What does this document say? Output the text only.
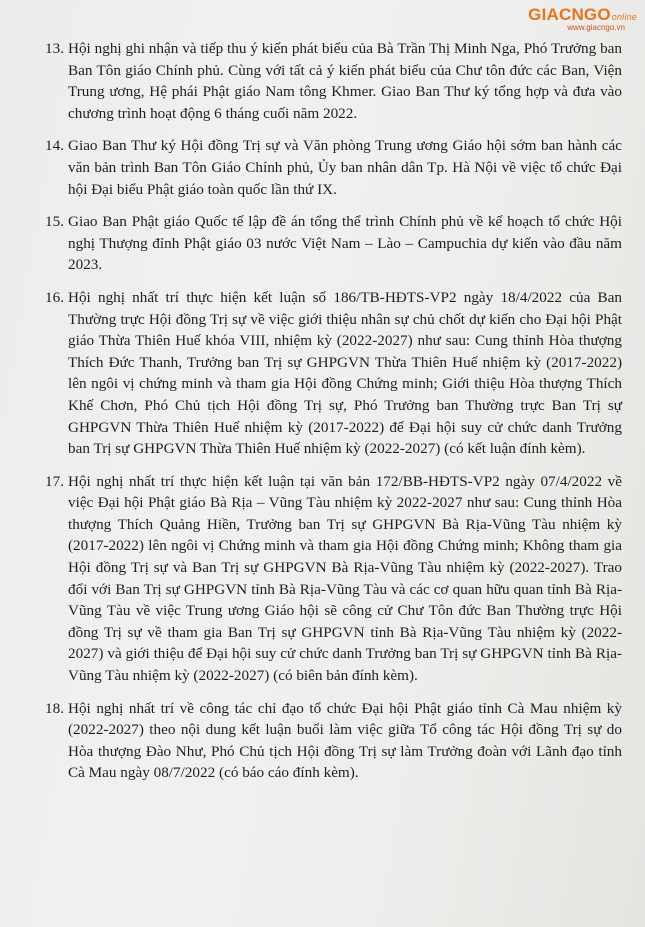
GIACNGOonline
www.giacngo.vn
13. Hội nghị ghi nhận và tiếp thu ý kiến phát biểu của Bà Trần Thị Minh Nga, Phó Trưởng ban Ban Tôn giáo Chính phủ. Cùng với tất cả ý kiến phát biểu của Chư tôn đức các Ban, Viện Trung ương, Hệ phái Phật giáo Nam tông Khmer. Giao Ban Thư ký tổng hợp và đưa vào chương trình hoạt động 6 tháng cuối năm 2022.
14. Giao Ban Thư ký Hội đồng Trị sự và Văn phòng Trung ương Giáo hội sớm ban hành các văn bản trình Ban Tôn Giáo Chính phủ, Ủy ban nhân dân Tp. Hà Nội về việc tổ chức Đại hội Đại biểu Phật giáo toàn quốc lần thứ IX.
15. Giao Ban Phật giáo Quốc tế lập đề án tổng thể trình Chính phủ về kế hoạch tổ chức Hội nghị Thượng đỉnh Phật giáo 03 nước Việt Nam – Lào – Campuchia dự kiến vào đầu năm 2023.
16. Hội nghị nhất trí thực hiện kết luận số 186/TB-HĐTS-VP2 ngày 18/4/2022 của Ban Thường trực Hội đồng Trị sự về việc giới thiệu nhân sự chủ chốt dự kiến cho Đại hội Phật giáo Thừa Thiên Huế khóa VIII, nhiệm kỳ (2022-2027) như sau: Cung thỉnh Hòa thượng Thích Đức Thanh, Trưởng ban Trị sự GHPGVN Thừa Thiên Huế nhiệm kỳ (2017-2022) lên ngôi vị chứng minh và tham gia Hội đồng Chứng minh; Giới thiệu Hòa thượng Thích Khế Chơn, Phó Chủ tịch Hội đồng Trị sự, Phó Trưởng ban Thường trực Ban Trị sự GHPGVN Thừa Thiên Huế nhiệm kỳ (2017-2022) để Đại hội suy cử chức danh Trưởng ban Trị sự GHPGVN Thừa Thiên Huế nhiệm kỳ (2022-2027) (có kết luận đính kèm).
17. Hội nghị nhất trí thực hiện kết luận tại văn bản 172/BB-HĐTS-VP2 ngày 07/4/2022 về việc Đại hội Phật giáo Bà Rịa – Vũng Tàu nhiệm kỳ 2022-2027 như sau: Cung thỉnh Hòa thượng Thích Quảng Hiền, Trưởng ban Trị sự GHPGVN Bà Rịa-Vũng Tàu nhiệm kỳ (2017-2022) lên ngôi vị Chứng minh và tham gia Hội đồng Chứng minh; Không tham gia Hội đồng Trị sự và Ban Trị sự GHPGVN Bà Rịa-Vũng Tàu nhiệm kỳ (2022-2027). Trao đổi với Ban Trị sự GHPGVN tỉnh Bà Rịa-Vũng Tàu và các cơ quan hữu quan tỉnh Bà Rịa-Vũng Tàu về việc Trung ương Giáo hội sẽ công cử Chư Tôn đức Ban Thường trực Hội đồng Trị sự về tham gia Ban Trị sự GHPGVN tỉnh Bà Rịa-Vũng Tàu nhiệm kỳ (2022-2027) và giới thiệu để Đại hội suy cử chức danh Trưởng ban Trị sự GHPGVN tỉnh Bà Rịa-Vũng Tàu nhiệm kỳ (2022-2027) (có biên bản đính kèm).
18. Hội nghị nhất trí về công tác chỉ đạo tổ chức Đại hội Phật giáo tỉnh Cà Mau nhiệm kỳ (2022-2027) theo nội dung kết luận buổi làm việc giữa Tổ công tác Hội đồng Trị sự do Hòa thượng Đào Như, Phó Chủ tịch Hội đồng Trị sự làm Trưởng đoàn với Lãnh đạo tỉnh Cà Mau ngày 08/7/2022 (có báo cáo đính kèm).
